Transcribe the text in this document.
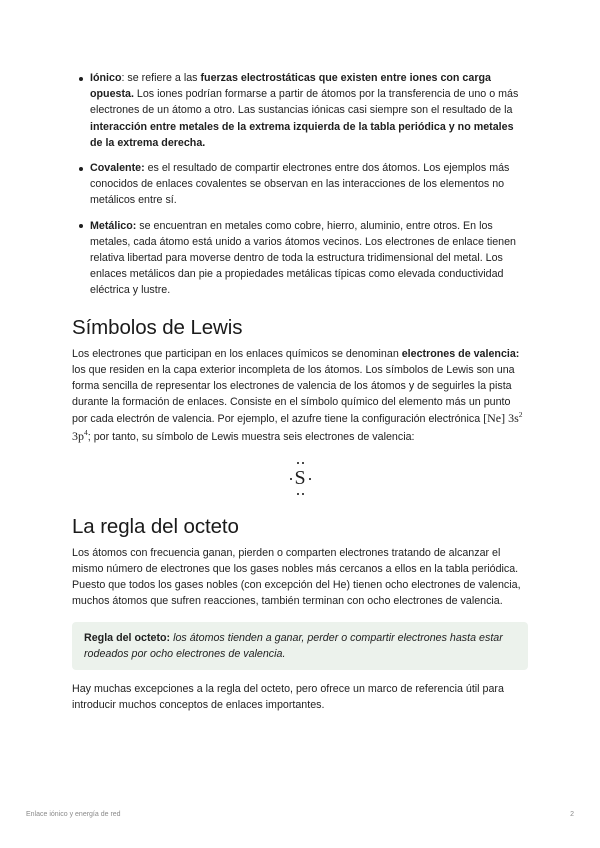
Iónico: se refiere a las fuerzas electrostáticas que existen entre iones con carga opuesta. Los iones podrían formarse a partir de átomos por la transferencia de uno o más electrones de un átomo a otro. Las sustancias iónicas casi siempre son el resultado de la interacción entre metales de la extrema izquierda de la tabla periódica y no metales de la extrema derecha.
Covalente: es el resultado de compartir electrones entre dos átomos. Los ejemplos más conocidos de enlaces covalentes se observan en las interacciones de los elementos no metálicos entre sí.
Metálico: se encuentran en metales como cobre, hierro, aluminio, entre otros. En los metales, cada átomo está unido a varios átomos vecinos. Los electrones de enlace tienen relativa libertad para moverse dentro de toda la estructura tridimensional del metal. Los enlaces metálicos dan pie a propiedades metálicas típicas como elevada conductividad eléctrica y lustre.
Símbolos de Lewis

Los electrones que participan en los enlaces químicos se denominan electrones de valencia: los que residen en la capa exterior incompleta de los átomos. Los símbolos de Lewis son una forma sencilla de representar los electrones de valencia de los átomos y de seguirles la pista durante la formación de enlaces. Consiste en el símbolo químico del elemento más un punto por cada electrón de valencia. Por ejemplo, el azufre tiene la configuración electrónica [Ne] $3s^2$ $3p^4$; por tanto, su símbolo de Lewis muestra seis electrones de valencia:

S
La regla del octeto

Los átomos con frecuencia ganan, pierden o comparten electrones tratando de alcanzar el mismo número de electrones que los gases nobles más cercanos a ellos en la tabla periódica. Puesto que todos los gases nobles (con excepción del He) tienen ocho electrones de valencia, muchos átomos que sufren reacciones, también terminan con ocho electrones de valencia.

Regla del octeto: los átomos tienden a ganar, perder o compartir electrones hasta estar rodeados por ocho electrones de valencia.

Hay muchas excepciones a la regla del octeto, pero ofrece un marco de referencia útil para introducir muchos conceptos de enlaces importantes.

Enlace iónico y energía de red	2
